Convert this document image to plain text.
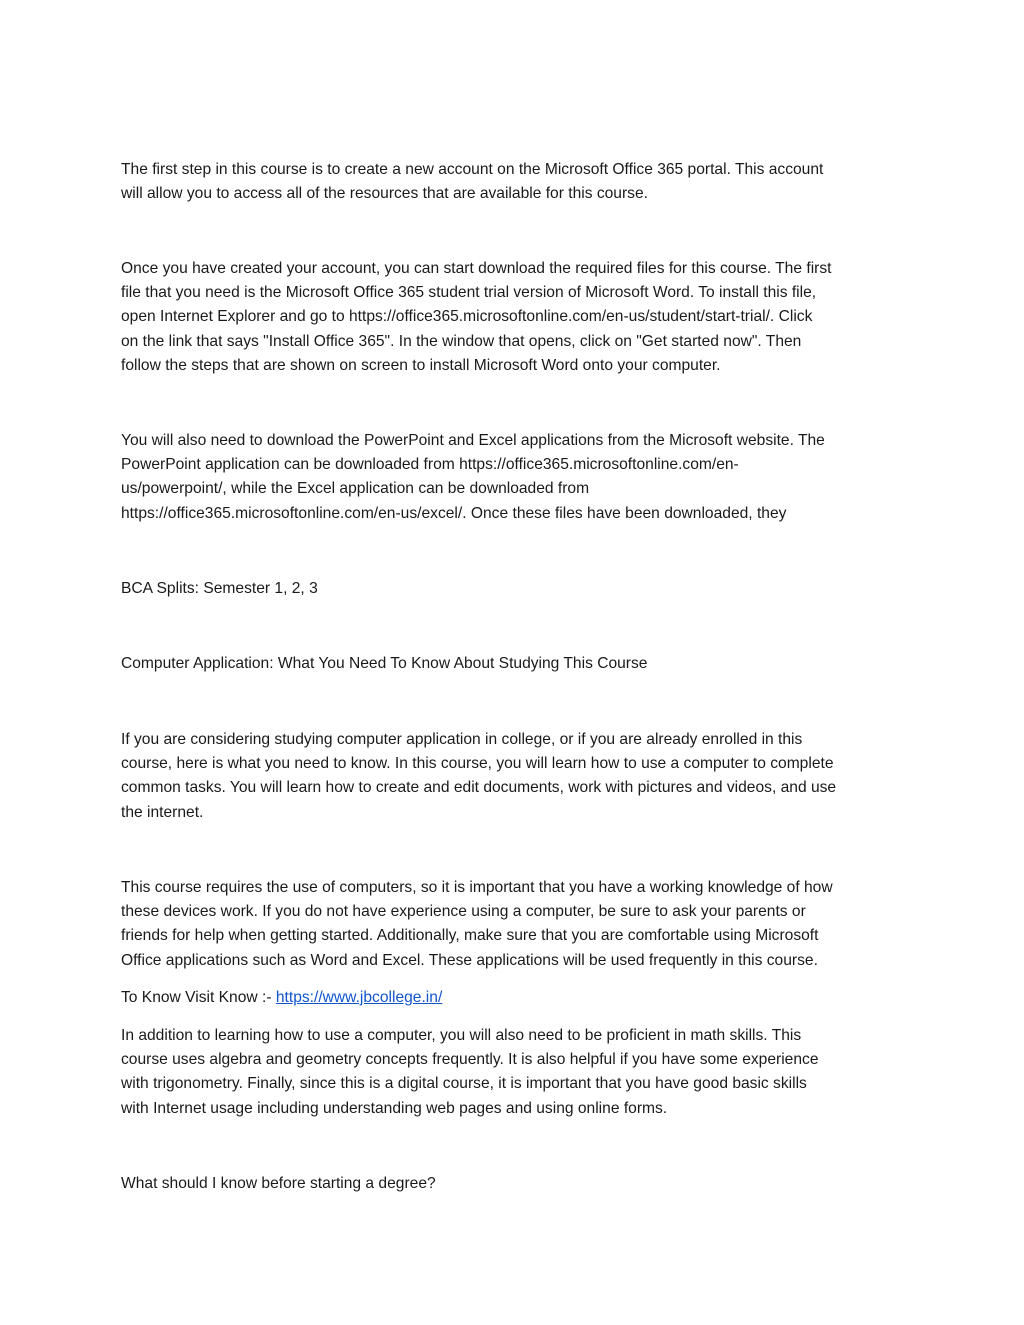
The first step in this course is to create a new account on the Microsoft Office 365 portal. This account
will allow you to access all of the resources that are available for this course.

Once you have created your account, you can start download the required files for this course. The first
file that you need is the Microsoft Office 365 student trial version of Microsoft Word. To install this file,
open Internet Explorer and go to https://office365.microsoftonline.com/en-us/student/start-trial/. Click
on the link that says "Install Office 365". In the window that opens, click on "Get started now". Then
follow the steps that are shown on screen to install Microsoft Word onto your computer.

You will also need to download the PowerPoint and Excel applications from the Microsoft website. The
PowerPoint application can be downloaded from https://office365.microsoftonline.com/en-
us/powerpoint/, while the Excel application can be downloaded from
https://office365.microsoftonline.com/en-us/excel/. Once these files have been downloaded, they

BCA Splits: Semester 1, 2, 3

Computer Application: What You Need To Know About Studying This Course

If you are considering studying computer application in college, or if you are already enrolled in this
course, here is what you need to know. In this course, you will learn how to use a computer to complete
common tasks. You will learn how to create and edit documents, work with pictures and videos, and use
the internet.

This course requires the use of computers, so it is important that you have a working knowledge of how
these devices work. If you do not have experience using a computer, be sure to ask your parents or
friends for help when getting started. Additionally, make sure that you are comfortable using Microsoft
Office applications such as Word and Excel. These applications will be used frequently in this course.

To Know Visit Know :- https://www.jbcollege.in/

In addition to learning how to use a computer, you will also need to be proficient in math skills. This
course uses algebra and geometry concepts frequently. It is also helpful if you have some experience
with trigonometry. Finally, since this is a digital course, it is important that you have good basic skills
with Internet usage including understanding web pages and using online forms.

What should I know before starting a degree?
